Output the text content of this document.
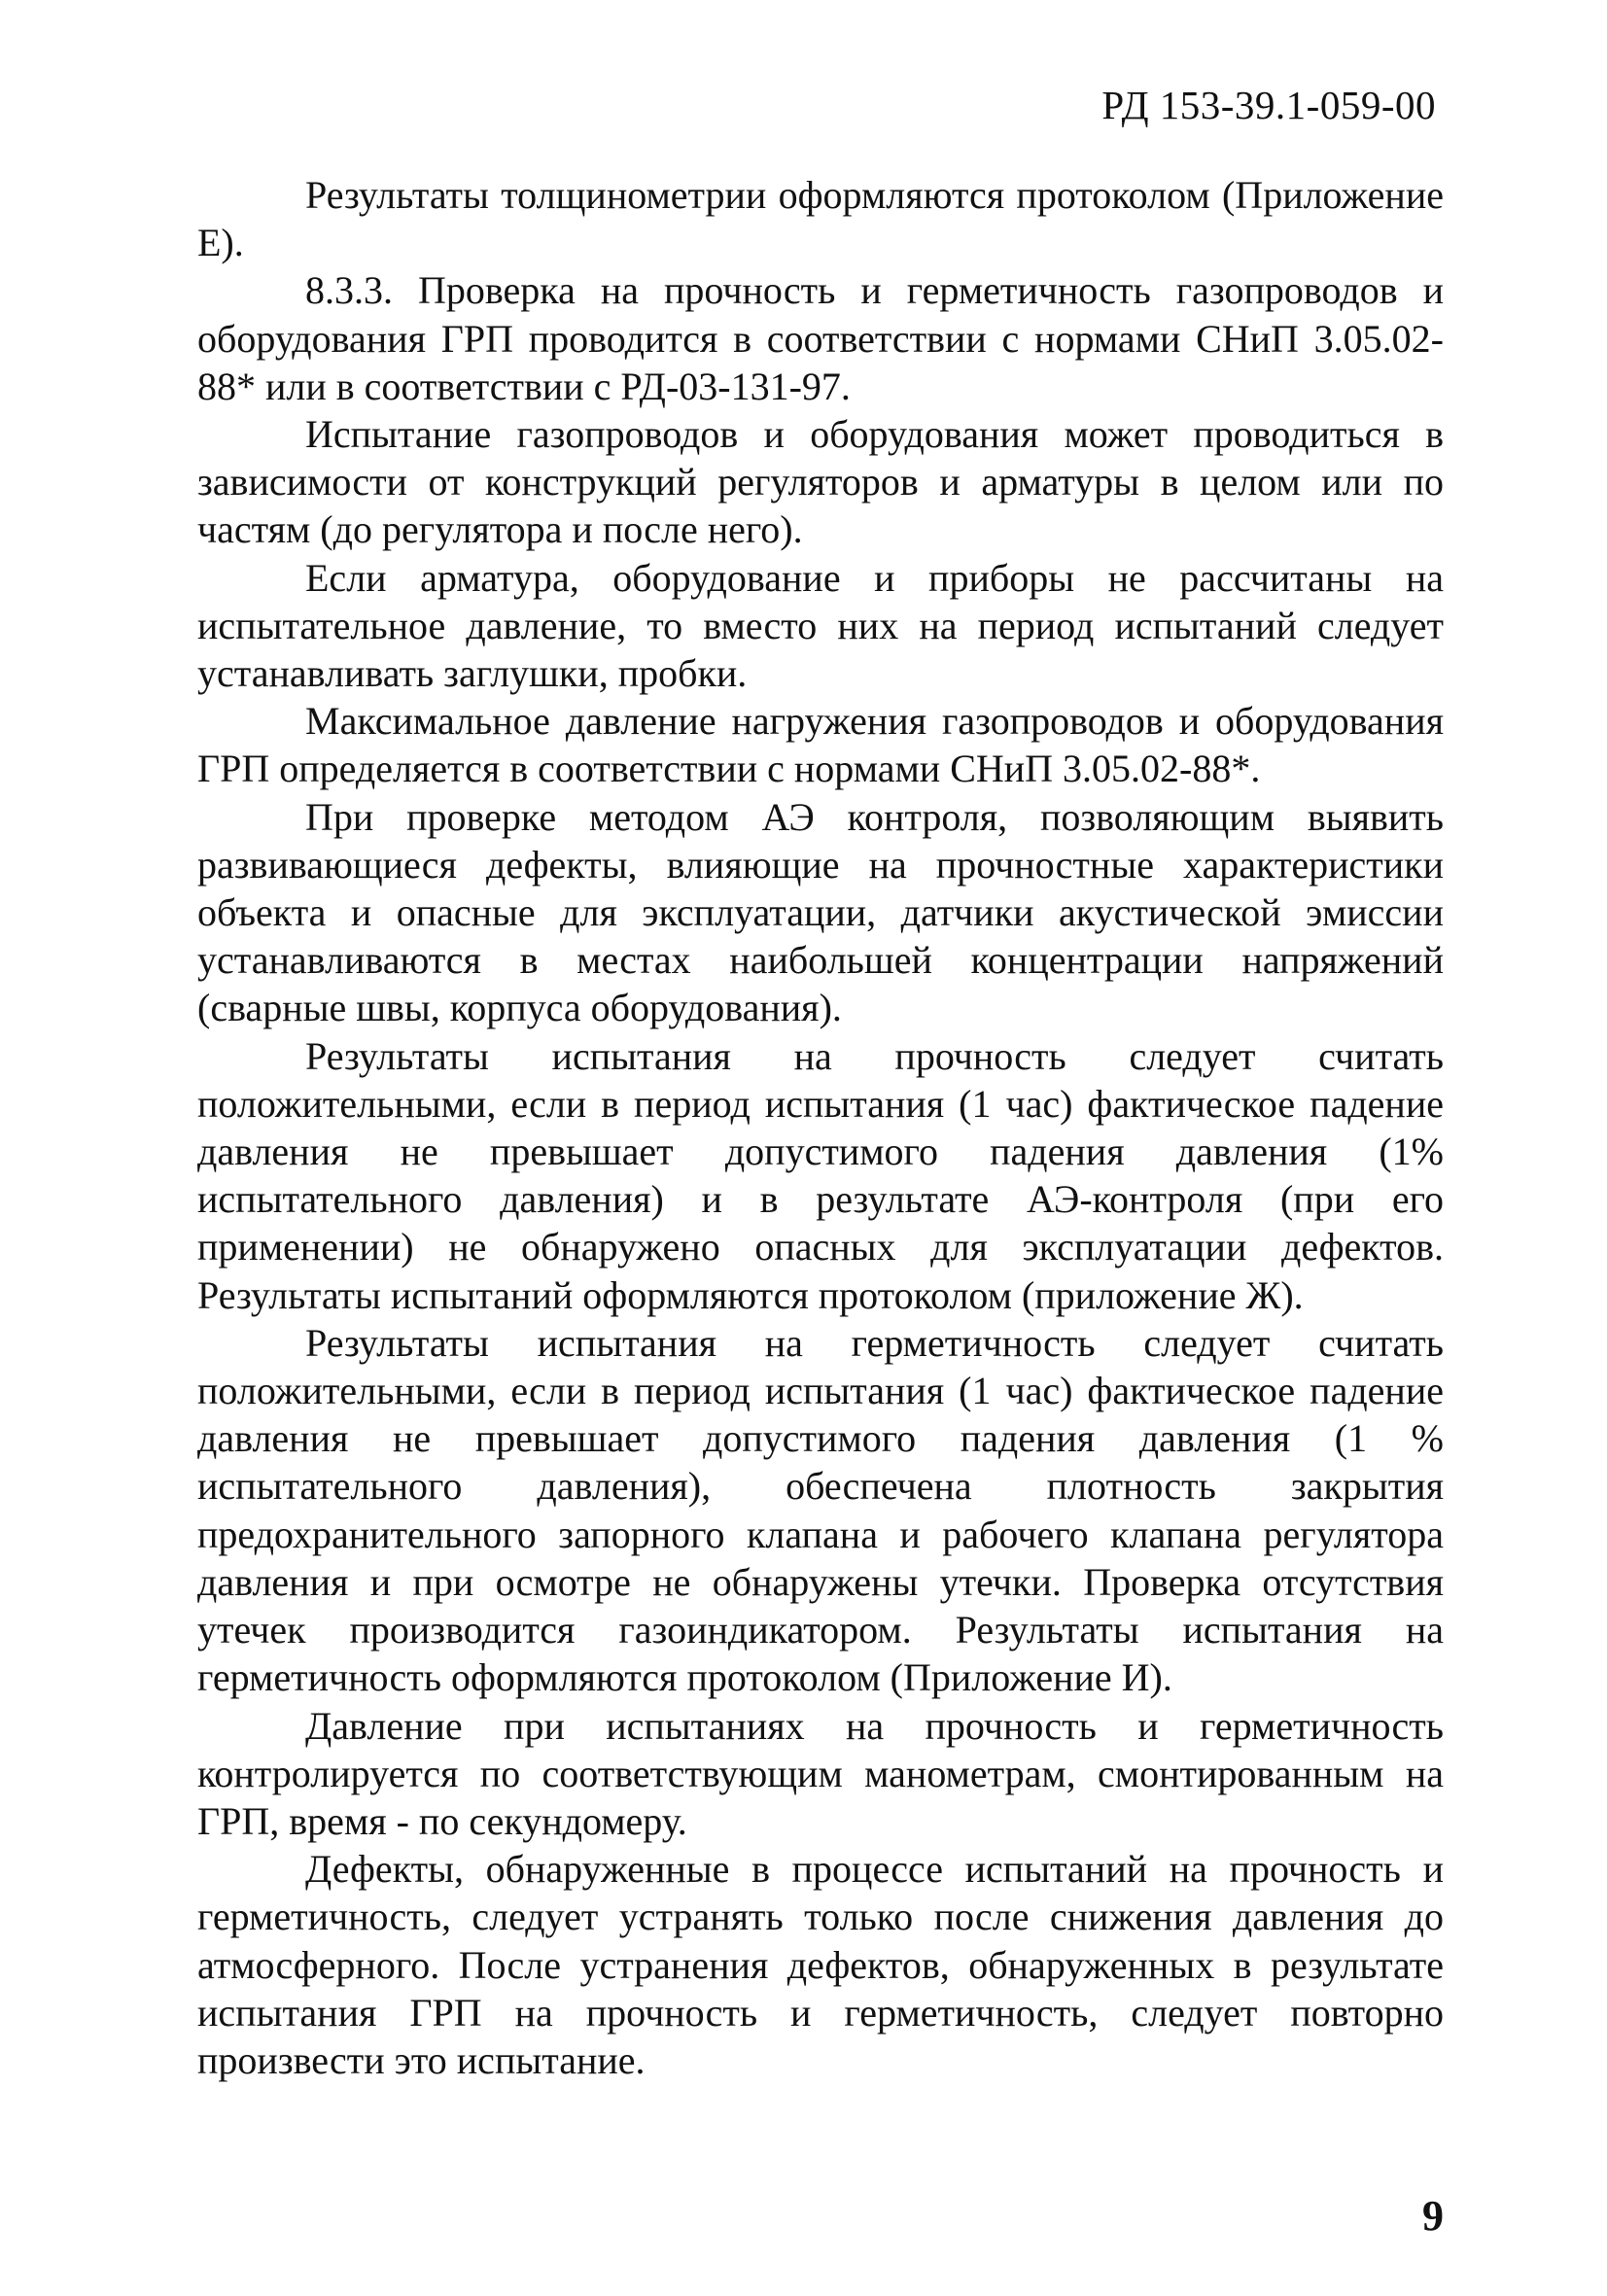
РД 153-39.1-059-00

Результаты толщинометрии оформляются протоколом (Приложение Е).

8.3.3. Проверка на прочность и герметичность газопроводов и оборудования ГРП проводится в соответствии с нормами СНиП 3.05.02-88* или в соответствии с РД-03-131-97.

Испытание газопроводов и оборудования может проводиться в зависимости от конструкций регуляторов и арматуры в целом или по частям (до регулятора и после него).

Если арматура, оборудование и приборы не рассчитаны на испытательное давление, то вместо них на период испытаний следует устанавливать заглушки, пробки.

Максимальное давление нагружения газопроводов и оборудования ГРП определяется в соответствии с нормами СНиП 3.05.02-88*.

При проверке методом АЭ контроля, позволяющим выявить развивающиеся дефекты, влияющие на прочностные характеристики объекта и опасные для эксплуатации, датчики акустической эмиссии устанавливаются в местах наибольшей концентрации напряжений (сварные швы, корпуса оборудования).

Результаты испытания на прочность следует считать положительными, если в период испытания (1 час) фактическое падение давления не превышает допустимого падения давления (1% испытательного давления) и в результате АЭ-контроля (при его применении) не обнаружено опасных для эксплуатации дефектов. Результаты испытаний оформляются протоколом (приложение Ж).

Результаты испытания на герметичность следует считать положительными, если в период испытания (1 час) фактическое падение давления не превышает допустимого падения давления (1 % испытательного давления), обеспечена плотность закрытия предохранительного запорного клапана и рабочего клапана регулятора давления и при осмотре не обнаружены утечки. Проверка отсутствия утечек производится газоиндикатором. Результаты испытания на герметичность оформляются протоколом (Приложение И).

Давление при испытаниях на прочность и герметичность контролируется по соответствующим манометрам, смонтированным на ГРП, время - по секундомеру.

Дефекты, обнаруженные в процессе испытаний на прочность и герметичность, следует устранять только после снижения давления до атмосферного. После устранения дефектов, обнаруженных в результате испытания ГРП на прочность и герметичность, следует повторно произвести это испытание.

9
